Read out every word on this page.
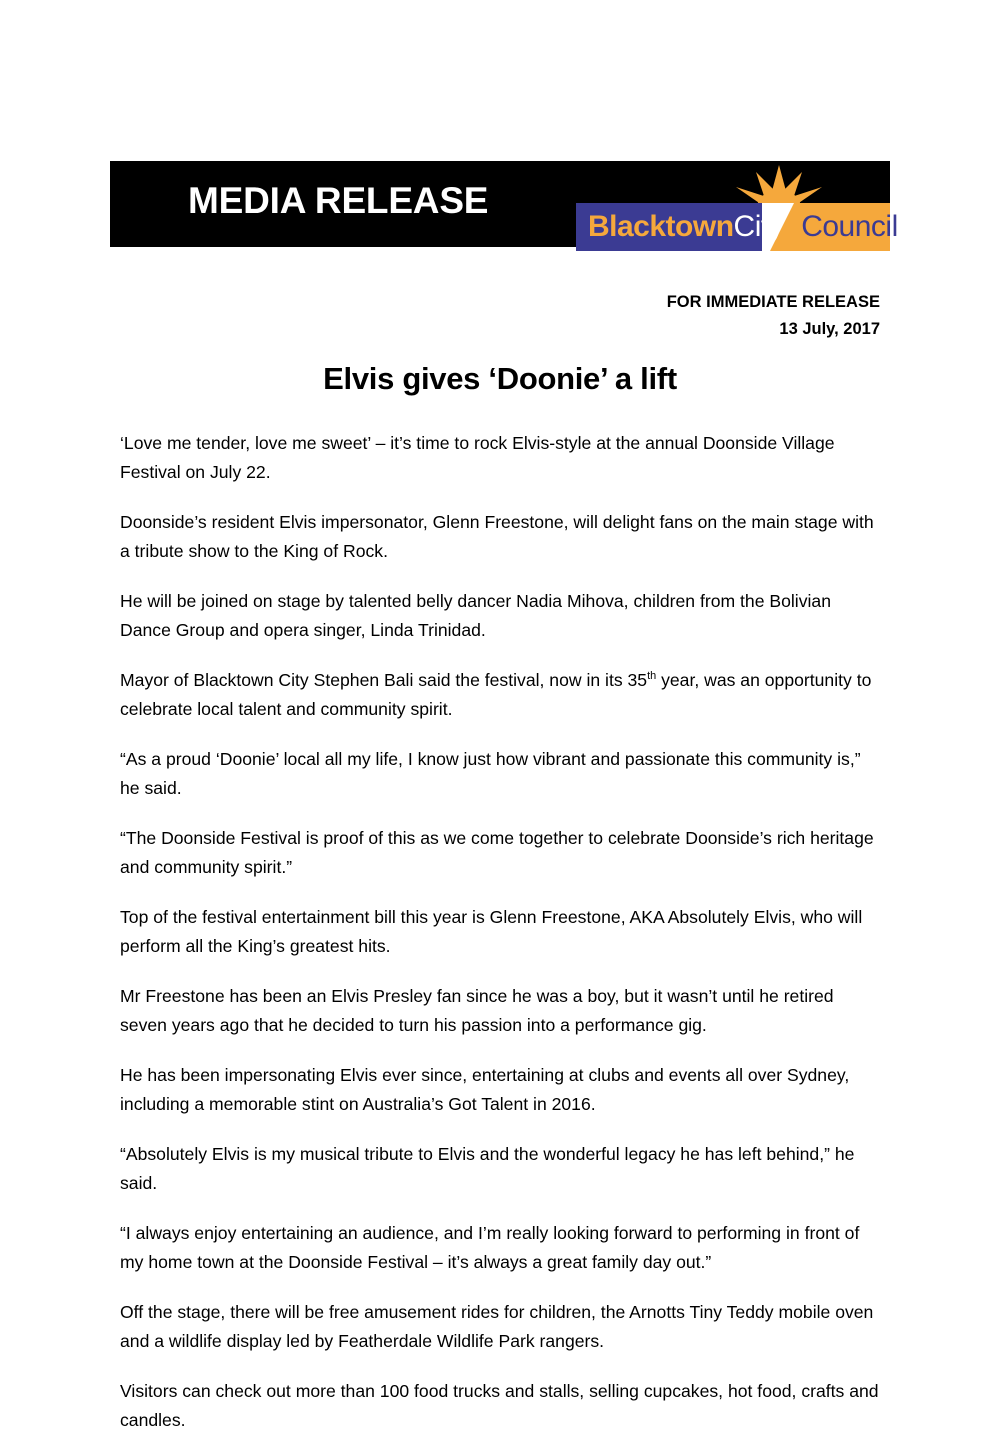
MEDIA RELEASE
BlacktownCity Council
FOR IMMEDIATE RELEASE
13 July, 2017
Elvis gives ‘Doonie’ a lift

‘Love me tender, love me sweet’ – it’s time to rock Elvis-style at the annual Doonside Village Festival on July 22.

Doonside’s resident Elvis impersonator, Glenn Freestone, will delight fans on the main stage with a tribute show to the King of Rock.

He will be joined on stage by talented belly dancer Nadia Mihova, children from the Bolivian Dance Group and opera singer, Linda Trinidad.

Mayor of Blacktown City Stephen Bali said the festival, now in its 35th year, was an opportunity to celebrate local talent and community spirit.

“As a proud ‘Doonie’ local all my life, I know just how vibrant and passionate this community is,” he said.

“The Doonside Festival is proof of this as we come together to celebrate Doonside’s rich heritage and community spirit.”

Top of the festival entertainment bill this year is Glenn Freestone, AKA Absolutely Elvis, who will perform all the King’s greatest hits.

Mr Freestone has been an Elvis Presley fan since he was a boy, but it wasn’t until he retired seven years ago that he decided to turn his passion into a performance gig.

He has been impersonating Elvis ever since, entertaining at clubs and events all over Sydney, including a memorable stint on Australia’s Got Talent in 2016.

“Absolutely Elvis is my musical tribute to Elvis and the wonderful legacy he has left behind,” he said.

“I always enjoy entertaining an audience, and I’m really looking forward to performing in front of my home town at the Doonside Festival – it’s always a great family day out.”

Off the stage, there will be free amusement rides for children, the Arnotts Tiny Teddy mobile oven and a wildlife display led by Featherdale Wildlife Park rangers.

Visitors can check out more than 100 food trucks and stalls, selling cupcakes, hot food, crafts and candles.
